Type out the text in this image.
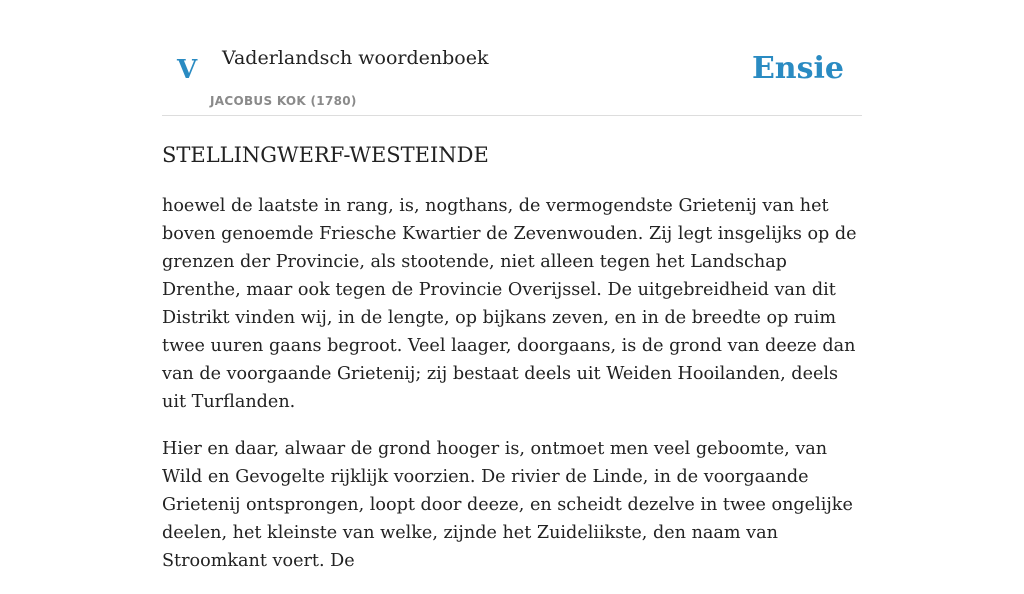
V Vaderlandsch woordenboek
JACOBUS KOK (1780)
Ensie
STELLINGWERF-WESTEINDE

hoewel de laatste in rang, is, nogthans, de vermogendste Grietenij van het boven genoemde Friesche Kwartier de Zevenwouden. Zij legt insgelijks op de grenzen der Provincie, als stootende, niet alleen tegen het Landschap Drenthe, maar ook tegen de Provincie Overijssel. De uitgebreidheid van dit Distrikt vinden wij, in de lengte, op bijkans zeven, en in de breedte op ruim twee uuren gaans begroot. Veel laager, doorgaans, is de grond van deeze dan van de voorgaande Grietenij; zij bestaat deels uit Weiden Hooilanden, deels uit Turflanden.

Hier en daar, alwaar de grond hooger is, ontmoet men veel geboomte, van Wild en Gevogelte rijklijk voorzien. De rivier de Linde, in de voorgaande Grietenij ontsprongen, loopt door deeze, en scheidt dezelve in twee ongelijke deelen, het kleinste van welke, zijnde het Zuideliikste, den naam van Stroomkant voert. De
